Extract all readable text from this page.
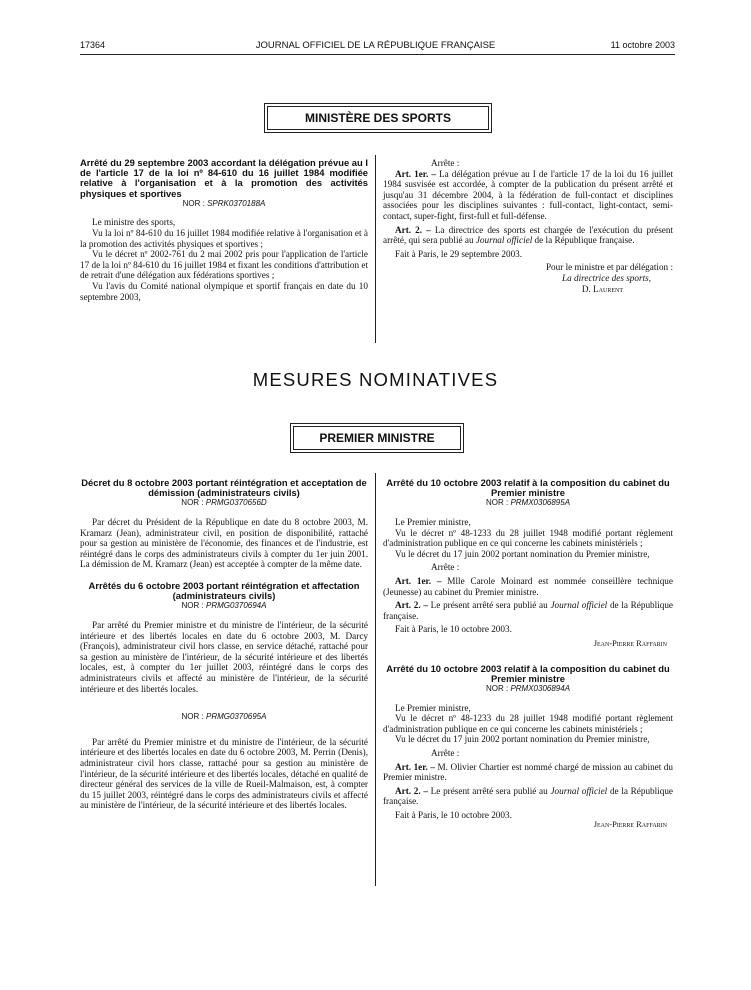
17364	JOURNAL OFFICIEL DE LA RÉPUBLIQUE FRANÇAISE	11 octobre 2003
MINISTÈRE DES SPORTS

Arrêté du 29 septembre 2003 accordant la délégation prévue au I de l'article 17 de la loi nº 84-610 du 16 juillet 1984 modifiée relative à l'organisation et à la promotion des activités physiques et sportives

NOR : SPRK0370188A

Le ministre des sports,

Vu la loi nº 84-610 du 16 juillet 1984 modifiée relative à l'organisation et à la promotion des activités physiques et sportives ;

Vu le décret nº 2002-761 du 2 mai 2002 pris pour l'application de l'article 17 de la loi nº 84-610 du 16 juillet 1984 et fixant les conditions d'attribution et de retrait d'une délégation aux fédérations sportives ;

Vu l'avis du Comité national olympique et sportif français en date du 10 septembre 2003,

Arrête :

Art. 1er. – La délégation prévue au I de l'article 17 de la loi du 16 juillet 1984 susvisée est accordée, à compter de la publication du présent arrêté et jusqu'au 31 décembre 2004, à la fédération de full-contact et disciplines associées pour les disciplines suivantes : full-contact, light-contact, semi-contact, super-fight, first-full et full-défense.

Art. 2. – La directrice des sports est chargée de l'exécution du présent arrêté, qui sera publié au Journal officiel de la République française.

Fait à Paris, le 29 septembre 2003.

Pour le ministre et par délégation :

La directrice des sports,

D. Laurent

MESURES NOMINATIVES
PREMIER MINISTRE

Décret du 8 octobre 2003 portant réintégration et acceptation de démission (administrateurs civils)

NOR : PRMG0370656D

Par décret du Président de la République en date du 8 octobre 2003, M. Kramarz (Jean), administrateur civil, en position de disponibilité, rattaché pour sa gestion au ministère de l'économie, des finances et de l'industrie, est réintégré dans le corps des administrateurs civils à compter du 1er juin 2001. La démission de M. Kramarz (Jean) est acceptée à compter de la même date.

Arrêtés du 6 octobre 2003 portant réintégration et affectation (administrateurs civils)

NOR : PRMG0370694A

Par arrêté du Premier ministre et du ministre de l'intérieur, de la sécurité intérieure et des libertés locales en date du 6 octobre 2003, M. Darcy (François), administrateur civil hors classe, en service détaché, rattaché pour sa gestion au ministère de l'intérieur, de la sécurité intérieure et des libertés locales, est, à compter du 1er juillet 2003, réintégré dans le corps des administrateurs civils et affecté au ministère de l'intérieur, de la sécurité intérieure et des libertés locales.

NOR : PRMG0370695A

Par arrêté du Premier ministre et du ministre de l'intérieur, de la sécurité intérieure et des libertés locales en date du 6 octobre 2003, M. Perrin (Denis), administrateur civil hors classe, rattaché pour sa gestion au ministère de l'intérieur, de la sécurité intérieure et des libertés locales, détaché en qualité de directeur général des services de la ville de Rueil-Malmaison, est, à compter du 15 juillet 2003, réintégré dans le corps des administrateurs civils et affecté au ministère de l'intérieur, de la sécurité intérieure et des libertés locales.

Arrêté du 10 octobre 2003 relatif à la composition du cabinet du Premier ministre

NOR : PRMX0306895A

Le Premier ministre,

Vu le décret nº 48-1233 du 28 juillet 1948 modifié portant règlement d'administration publique en ce qui concerne les cabinets ministériels ;

Vu le décret du 17 juin 2002 portant nomination du Premier ministre,

Arrête :

Art. 1er. – Mlle Carole Moinard est nommée conseillère technique (Jeunesse) au cabinet du Premier ministre.

Art. 2. – Le présent arrêté sera publié au Journal officiel de la République française.

Fait à Paris, le 10 octobre 2003.

Jean-Pierre Raffarin

Arrêté du 10 octobre 2003 relatif à la composition du cabinet du Premier ministre

NOR : PRMX0306894A

Le Premier ministre,

Vu le décret nº 48-1233 du 28 juillet 1948 modifié portant règlement d'administration publique en ce qui concerne les cabinets ministériels ;

Vu le décret du 17 juin 2002 portant nomination du Premier ministre,

Arrête :

Art. 1er. – M. Olivier Chartier est nommé chargé de mission au cabinet du Premier ministre.

Art. 2. – Le présent arrêté sera publié au Journal officiel de la République française.

Fait à Paris, le 10 octobre 2003.

Jean-Pierre Raffarin
